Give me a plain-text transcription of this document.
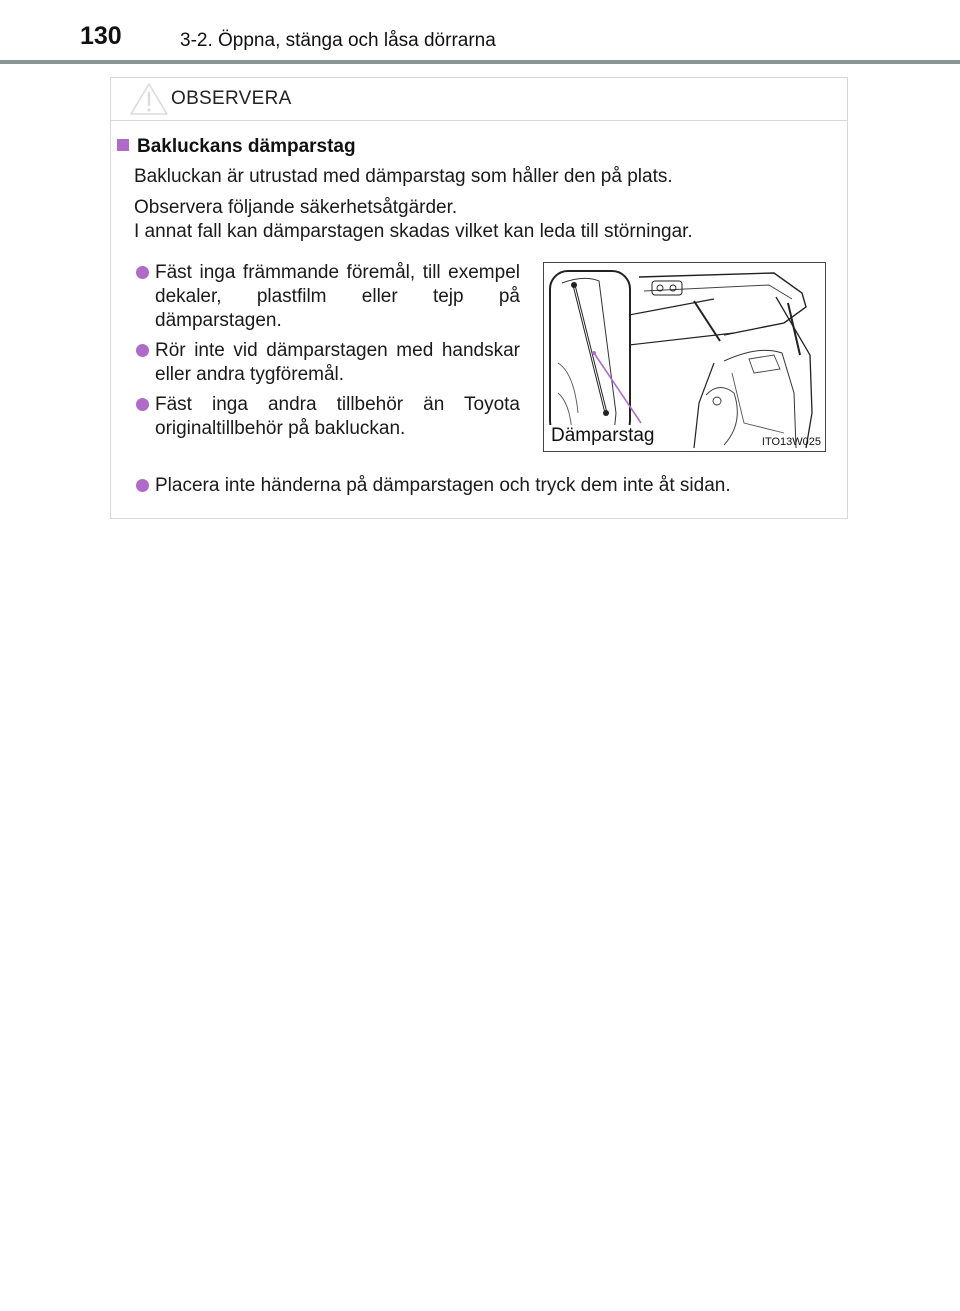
130	3-2. Öppna, stänga och låsa dörrarna
OBSERVERA
Bakluckans dämparstag
Bakluckan är utrustad med dämparstag som håller den på plats.
Observera följande säkerhetsåtgärder.
I annat fall kan dämparstagen skadas vilket kan leda till störningar.
Fäst inga främmande föremål, till exempel dekaler, plastfilm eller tejp på dämparstagen.
Rör inte vid dämparstagen med handskar eller andra tygföremål.
Fäst inga andra tillbehör än Toyota originaltillbehör på bakluckan.	Dämparstag	ITO13W025
Placera inte händerna på dämparstagen och tryck dem inte åt sidan.
